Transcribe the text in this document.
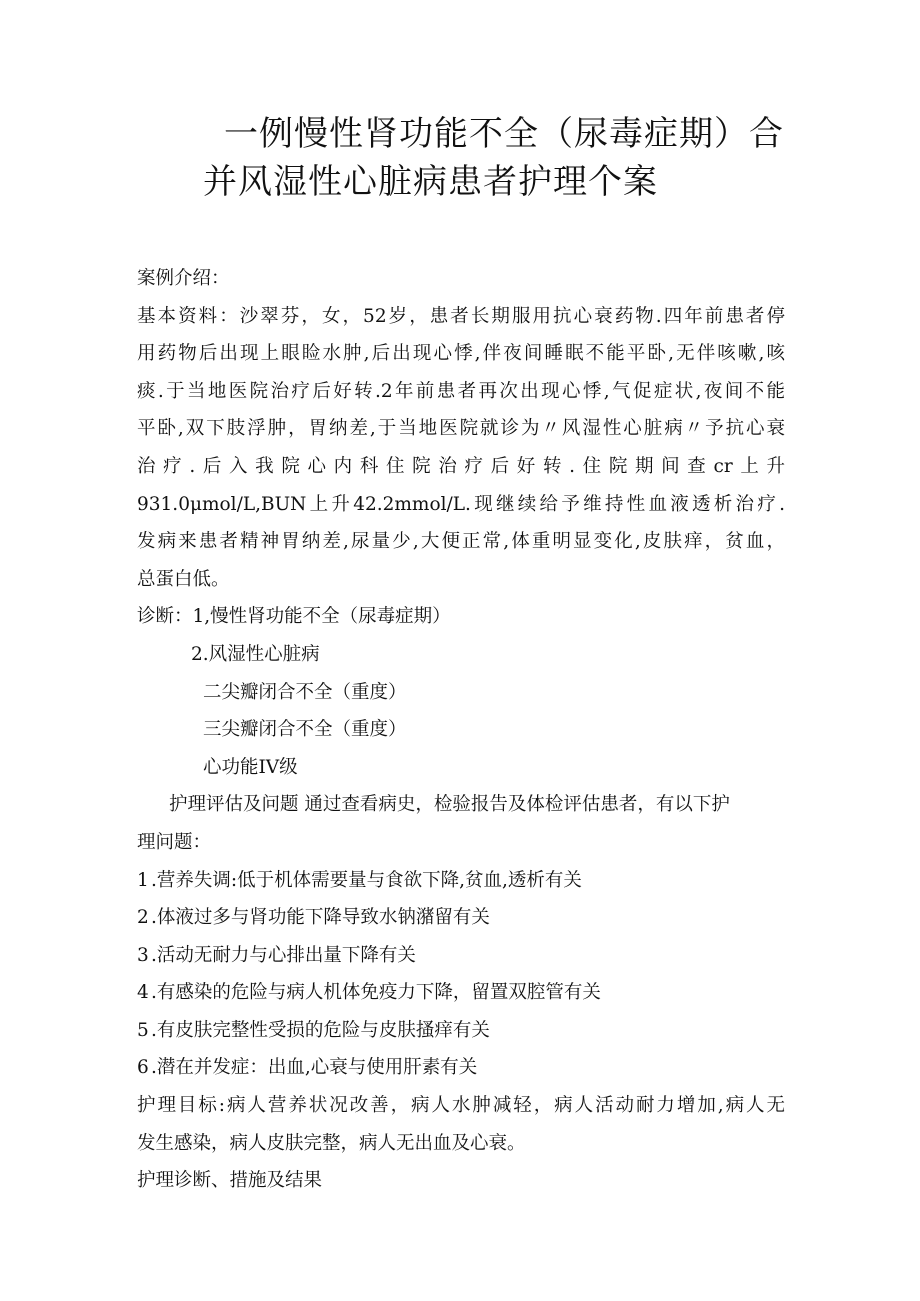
一例慢性肾功能不全（尿毒症期）合
并风湿性心脏病患者护理个案
案例介绍：
基本资料：沙翠芬，女，52岁，患者长期服用抗心衰药物.四年前患者停
用药物后出现上眼睑水肿,后出现心悸,伴夜间睡眠不能平卧,无伴咳嗽,咳
痰.于当地医院治疗后好转.2年前患者再次出现心悸,气促症状,夜间不能
平卧,双下肢浮肿，胃纳差,于当地医院就诊为〃风湿性心脏病〃予抗心衰
治疗.后入我院心内科住院治疗后好转.住院期间查cr上升
931.0μmol/L,BUN上升42.2mmol/L.现继续给予维持性血液透析治疗.
发病来患者精神胃纳差,尿量少,大便正常,体重明显变化,皮肤痒，贫血，
总蛋白低。
诊断：1,慢性肾功能不全（尿毒症期）
2.风湿性心脏病
二尖瓣闭合不全（重度）
三尖瓣闭合不全（重度）
心功能IV级
护理评估及问题 通过查看病史，检验报告及体检评估患者，有以下护
理问题：
1 .营养失调:低于机体需要量与食欲下降,贫血,透析有关
2 .体液过多与肾功能下降导致水钠潴留有关
3 .活动无耐力与心排出量下降有关
4 .有感染的危险与病人机体免疫力下降，留置双腔管有关
5 .有皮肤完整性受损的危险与皮肤搔痒有关
6 .潜在并发症：出血,心衰与使用肝素有关
护理目标:病人营养状况改善，病人水肿减轻，病人活动耐力增加,病人无
发生感染，病人皮肤完整，病人无出血及心衰。
护理诊断、措施及结果
